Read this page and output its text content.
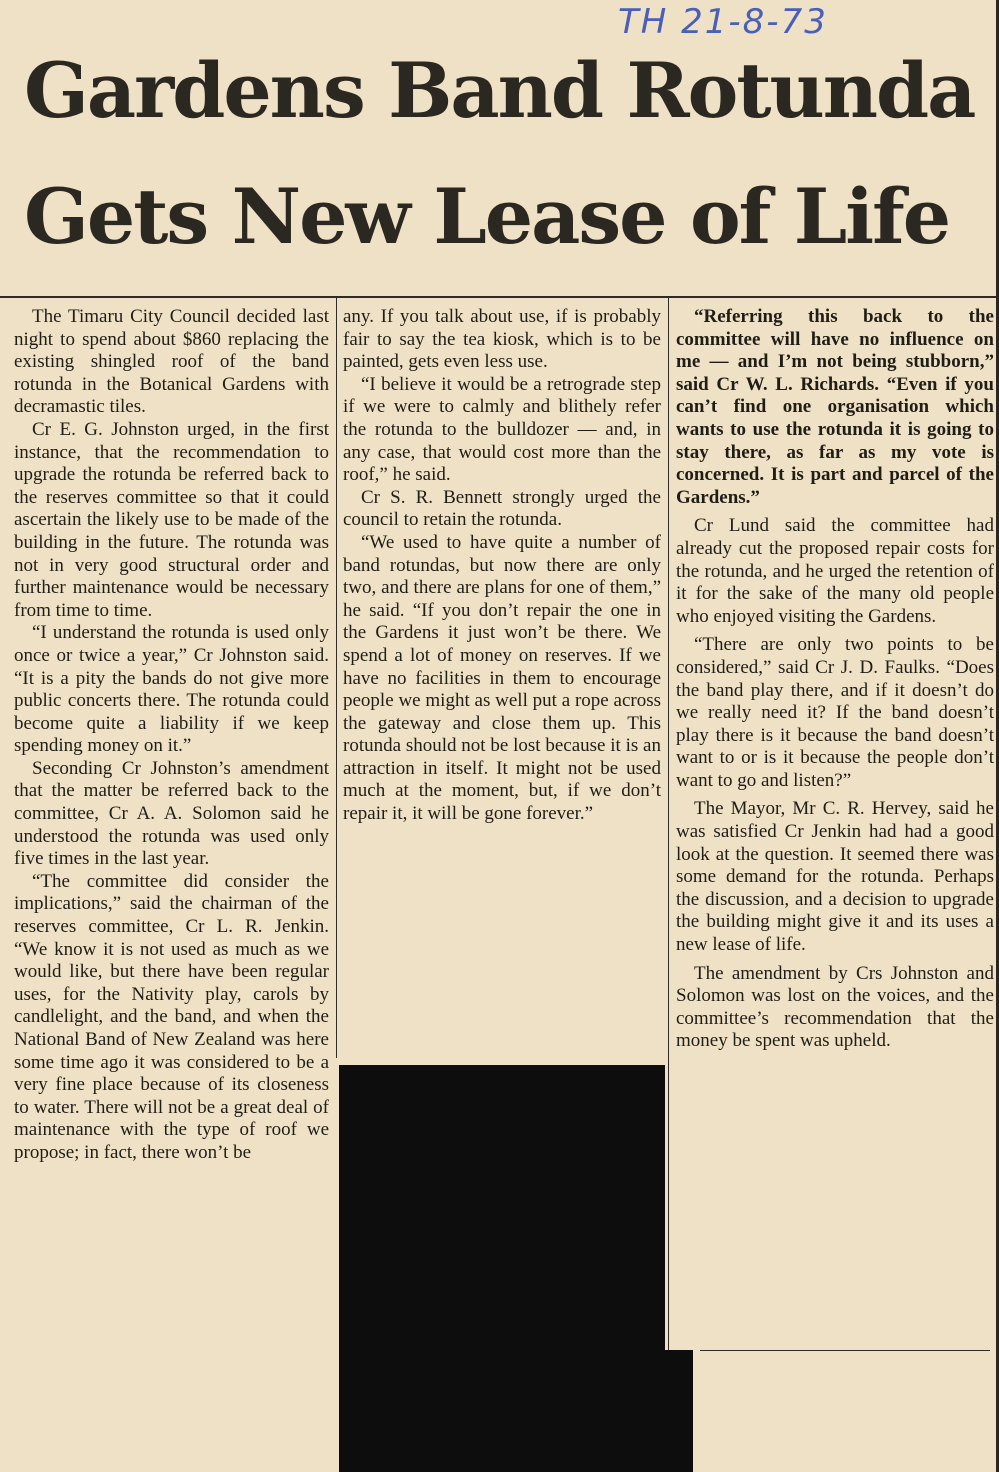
TH 21-8-73
Gardens Band Rotunda
Gets New Lease of Life

The Timaru City Council decided last night to spend about $860 replacing the existing shingled roof of the band rotunda in the Botanical Gardens with decramastic tiles.

Cr E. G. Johnston urged, in the first instance, that the recommendation to upgrade the rotunda be referred back to the reserves committee so that it could ascertain the likely use to be made of the building in the future. The rotunda was not in very good structural order and further maintenance would be necessary from time to time.

“I understand the rotunda is used only once or twice a year,” Cr Johnston said. “It is a pity the bands do not give more public concerts there. The rotunda could become quite a liability if we keep spending money on it.”

Seconding Cr Johnston’s amendment that the matter be referred back to the committee, Cr A. A. Solomon said he understood the rotunda was used only five times in the last year.

“The committee did consider the implications,” said the chairman of the reserves committee, Cr L. R. Jenkin. “We know it is not used as much as we would like, but there have been regular uses, for the Nativity play, carols by candlelight, and the band, and when the National Band of New Zealand was here some time ago it was considered to be a very fine place because of its closeness to water. There will not be a great deal of maintenance with the type of roof we propose; in fact, there won’t be

any. If you talk about use, if is probably fair to say the tea kiosk, which is to be painted, gets even less use.

“I believe it would be a retrograde step if we were to calmly and blithely refer the rotunda to the bulldozer — and, in any case, that would cost more than the roof,” he said.

Cr S. R. Bennett strongly urged the council to retain the rotunda.

“We used to have quite a number of band rotundas, but now there are only two, and there are plans for one of them,” he said. “If you don’t repair the one in the Gardens it just won’t be there. We spend a lot of money on reserves. If we have no facilities in them to encourage people we might as well put a rope across the gateway and close them up. This rotunda should not be lost because it is an attraction in itself. It might not be used much at the moment, but, if we don’t repair it, it will be gone forever.”

“Referring this back to the committee will have no influence on me — and I’m not being stubborn,” said Cr W. L. Richards. “Even if you can’t find one organisation which wants to use the rotunda it is going to stay there, as far as my vote is concerned. It is part and parcel of the Gardens.”

Cr Lund said the committee had already cut the proposed repair costs for the rotunda, and he urged the retention of it for the sake of the many old people who enjoyed visiting the Gardens.

“There are only two points to be considered,” said Cr J. D. Faulks. “Does the band play there, and if it doesn’t do we really need it? If the band doesn’t play there is it because the band doesn’t want to or is it because the people don’t want to go and listen?”

The Mayor, Mr C. R. Hervey, said he was satisfied Cr Jenkin had had a good look at the question. It seemed there was some demand for the rotunda. Perhaps the discussion, and a decision to upgrade the building might give it and its uses a new lease of life.

The amendment by Crs Johnston and Solomon was lost on the voices, and the committee’s recommendation that the money be spent was upheld.
